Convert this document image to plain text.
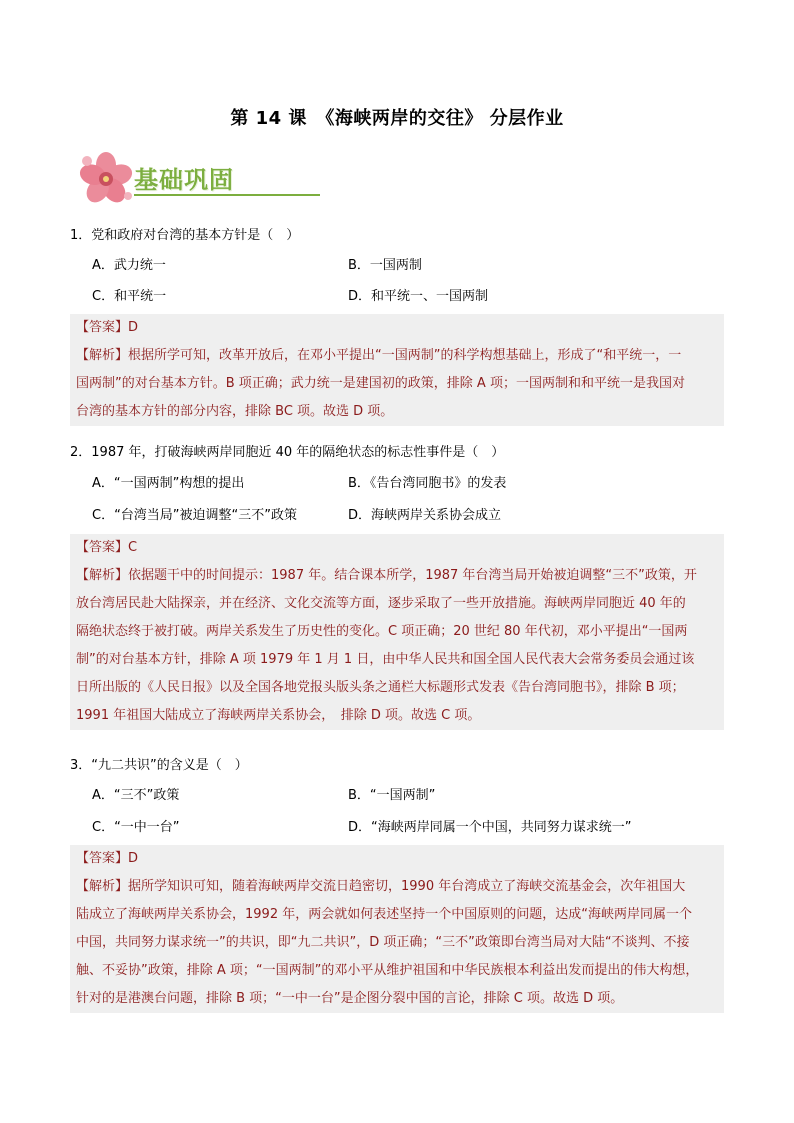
第 14 课　《海峡两岸的交往》 分层作业
基础巩固
1．党和政府对台湾的基本方针是（　）
A．武力统一	B．一国两制
C．和平统一	D．和平统一、一国两制
【答案】D
【解析】根据所学可知，改革开放后，在邓小平提出“一国两制”的科学构想基础上，形成了“和平统一，一
国两制”的对台基本方针。B 项正确；武力统一是建国初的政策，排除 A 项；一国两制和和平统一是我国对
台湾的基本方针的部分内容，排除 BC 项。故选 D 项。
2．1987 年，打破海峡两岸同胞近 40 年的隔绝状态的标志性事件是（　）
A．“一国两制”构想的提出	B．《告台湾同胞书》的发表
C．“台湾当局”被迫调整“三不”政策	D．海峡两岸关系协会成立
【答案】C
【解析】依据题干中的时间提示：1987 年。结合课本所学，1987 年台湾当局开始被迫调整“三不”政策，开
放台湾居民赴大陆探亲，并在经济、文化交流等方面，逐步采取了一些开放措施。海峡两岸同胞近 40 年的
隔绝状态终于被打破。两岸关系发生了历史性的变化。C 项正确；20 世纪 80 年代初，邓小平提出“一国两
制”的对台基本方针，排除 A 项 1979 年 1 月 1 日，由中华人民共和国全国人民代表大会常务委员会通过该
日所出版的《人民日报》以及全国各地党报头版头条之通栏大标题形式发表《告台湾同胞书》，排除 B 项；
1991 年祖国大陆成立了海峡两岸关系协会，　排除 D 项。故选 C 项。
3．“九二共识”的含义是（　）
A．“三不”政策	B．“一国两制”
C．“一中一台”	D．“海峡两岸同属一个中国，共同努力谋求统一”
【答案】D
【解析】据所学知识可知，随着海峡两岸交流日趋密切，1990 年台湾成立了海峡交流基金会，次年祖国大
陆成立了海峡两岸关系协会，1992 年，两会就如何表述坚持一个中国原则的问题，达成“海峡两岸同属一个
中国，共同努力谋求统一”的共识，即“九二共识”，D 项正确；“三不”政策即台湾当局对大陆“不谈判、不接
触、不妥协”政策，排除 A 项；“一国两制”的邓小平从维护祖国和中华民族根本利益出发而提出的伟大构想，
针对的是港澳台问题，排除 B 项；“一中一台”是企图分裂中国的言论，排除 C 项。故选 D 项。
